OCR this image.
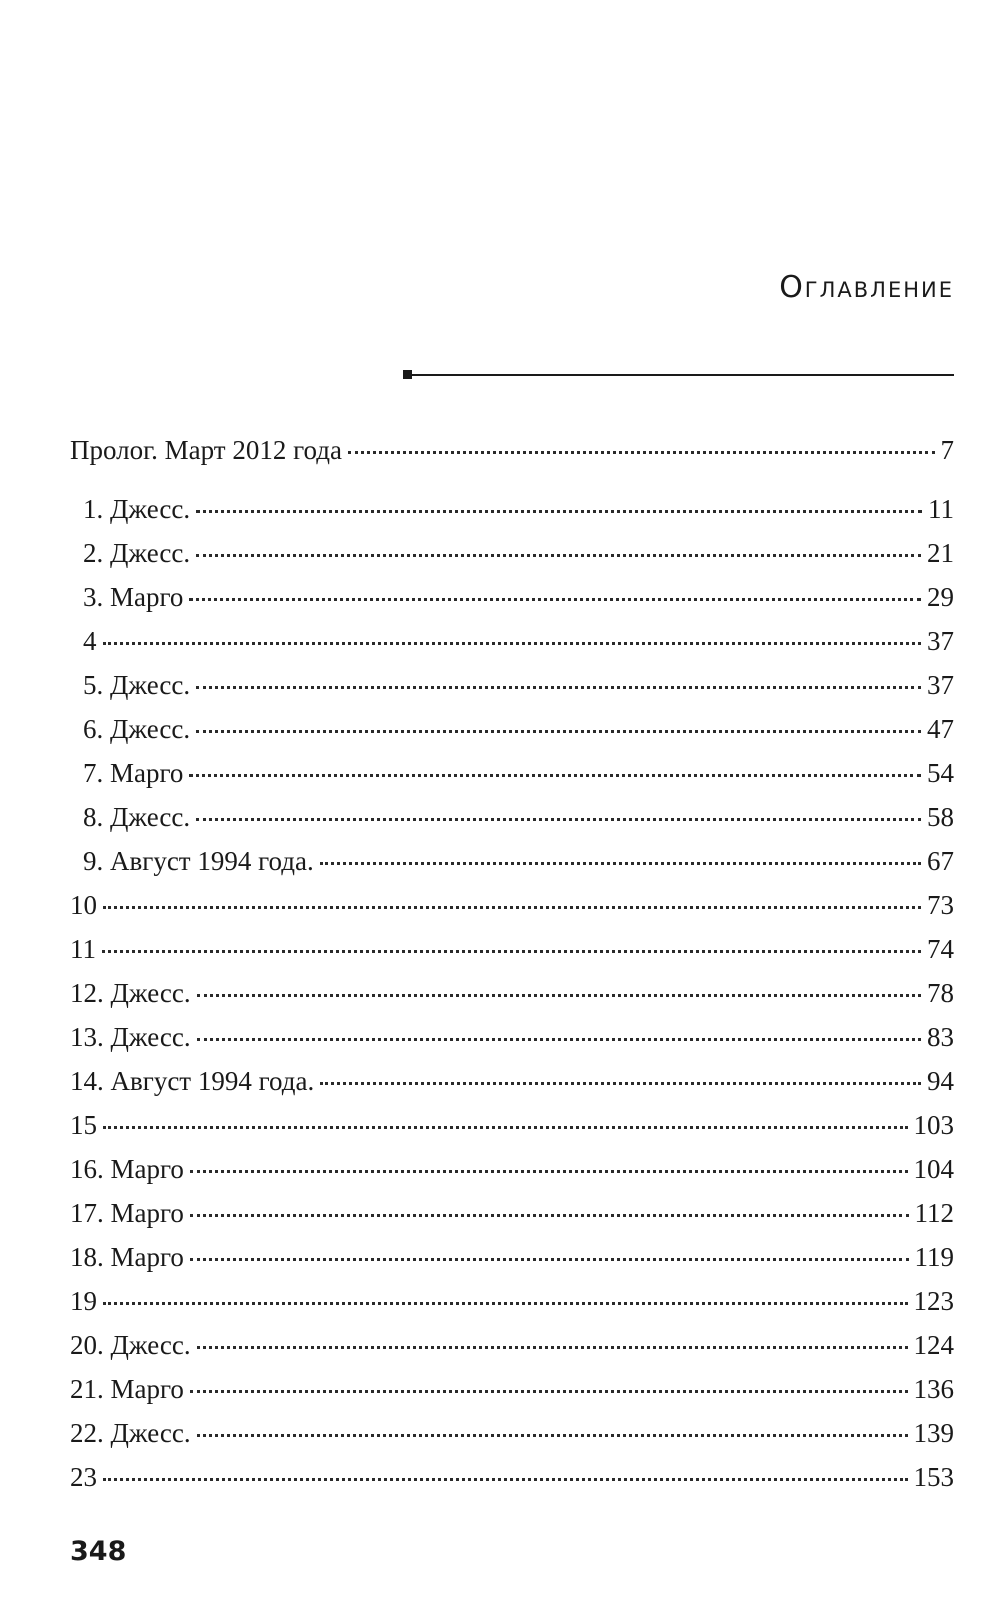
Оглавление
Пролог. Март 2012 года	7
1. Джесс.	11
2. Джесс.	21
3. Марго	29
4	37
5. Джесс.	37
6. Джесс.	47
7. Марго	54
8. Джесс.	58
9. Август 1994 года.	67
10	73
11	74
12. Джесс.	78
13. Джесс.	83
14. Август 1994 года.	94
15	103
16. Марго	104
17. Марго	112
18. Марго	119
19	123
20. Джесс.	124
21. Марго	136
22. Джесс.	139
23	153
348
